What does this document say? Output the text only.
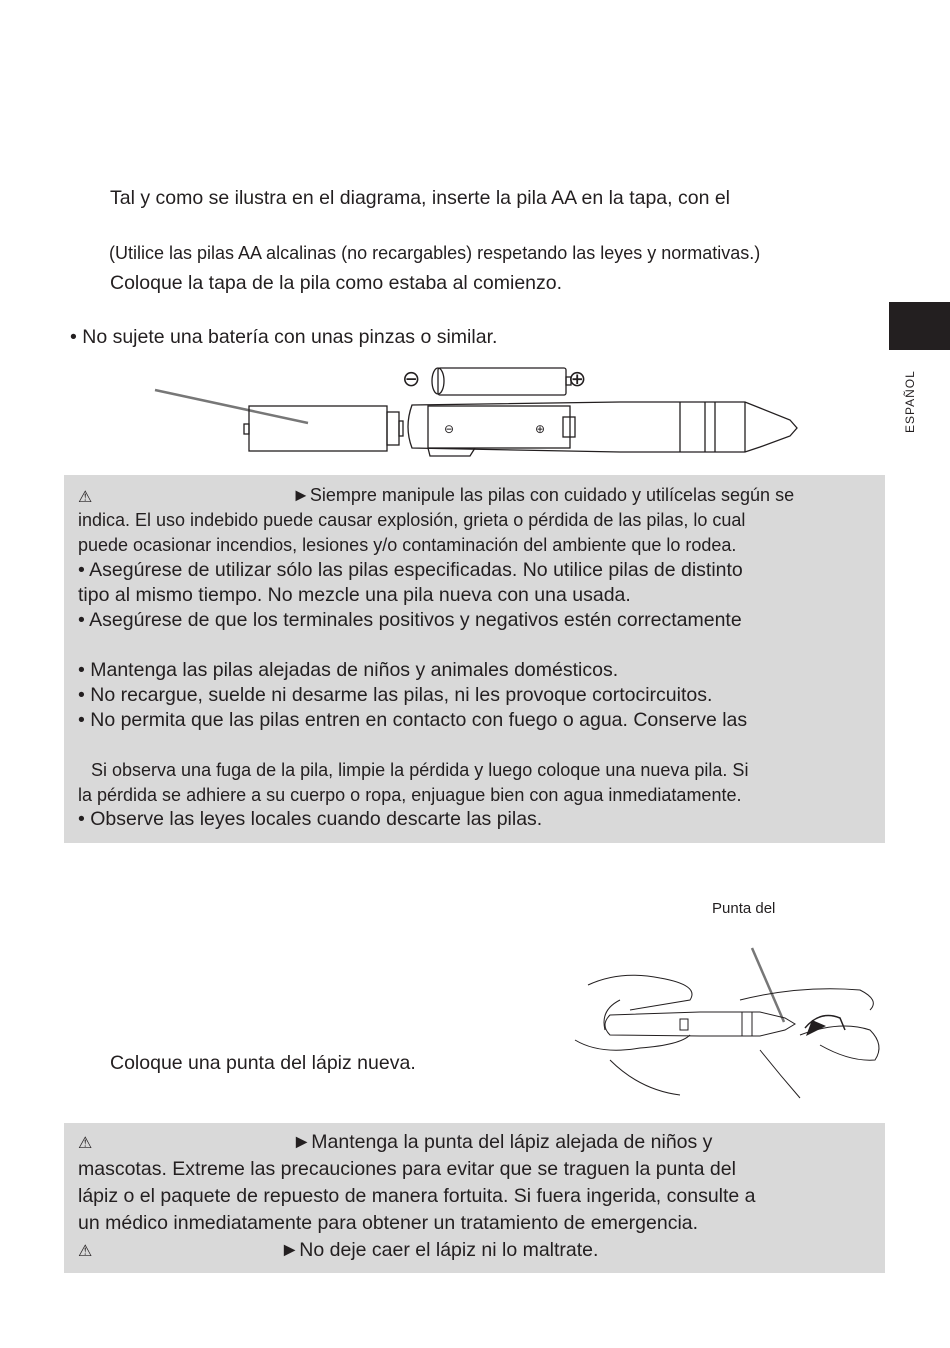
Tal y como se ilustra en el diagrama, inserte la pila AA en la tapa, con el
(Utilice las pilas AA alcalinas (no recargables) respetando las leyes y normativas.)
Coloque la tapa de la pila como estaba al comienzo.
• No sujete una batería con unas pinzas o similar.
ESPAÑOL
⊖	⊕
⊖	⊕
⚠	►Siempre manipule las pilas con cuidado y utilícelas según se
indica. El uso indebido puede causar explosión, grieta o pérdida de las pilas, lo cual
puede ocasionar incendios, lesiones y/o contaminación del ambiente que lo rodea.
• Asegúrese de utilizar sólo las pilas especificadas. No utilice pilas de distinto
tipo al mismo tiempo. No mezcle una pila nueva con una usada.
• Asegúrese de que los terminales positivos y negativos estén correctamente
• Mantenga las pilas alejadas de niños y animales domésticos.
• No recargue, suelde ni desarme las pilas, ni les provoque cortocircuitos.
• No permita que las pilas entren en contacto con fuego o agua. Conserve las
Si observa una fuga de la pila, limpie la pérdida y luego coloque una nueva pila. Si
la pérdida se adhiere a su cuerpo o ropa, enjuague bien con agua inmediatamente.
• Observe las leyes locales cuando descarte las pilas.
Punta del
Coloque una punta del lápiz nueva.
⚠	►Mantenga la punta del lápiz alejada de niños y
mascotas. Extreme las precauciones para evitar que se traguen la punta del
lápiz o el paquete de repuesto de manera fortuita. Si fuera ingerida, consulte a
un médico inmediatamente para obtener un tratamiento de emergencia.
⚠	►No deje caer el lápiz ni lo maltrate.
